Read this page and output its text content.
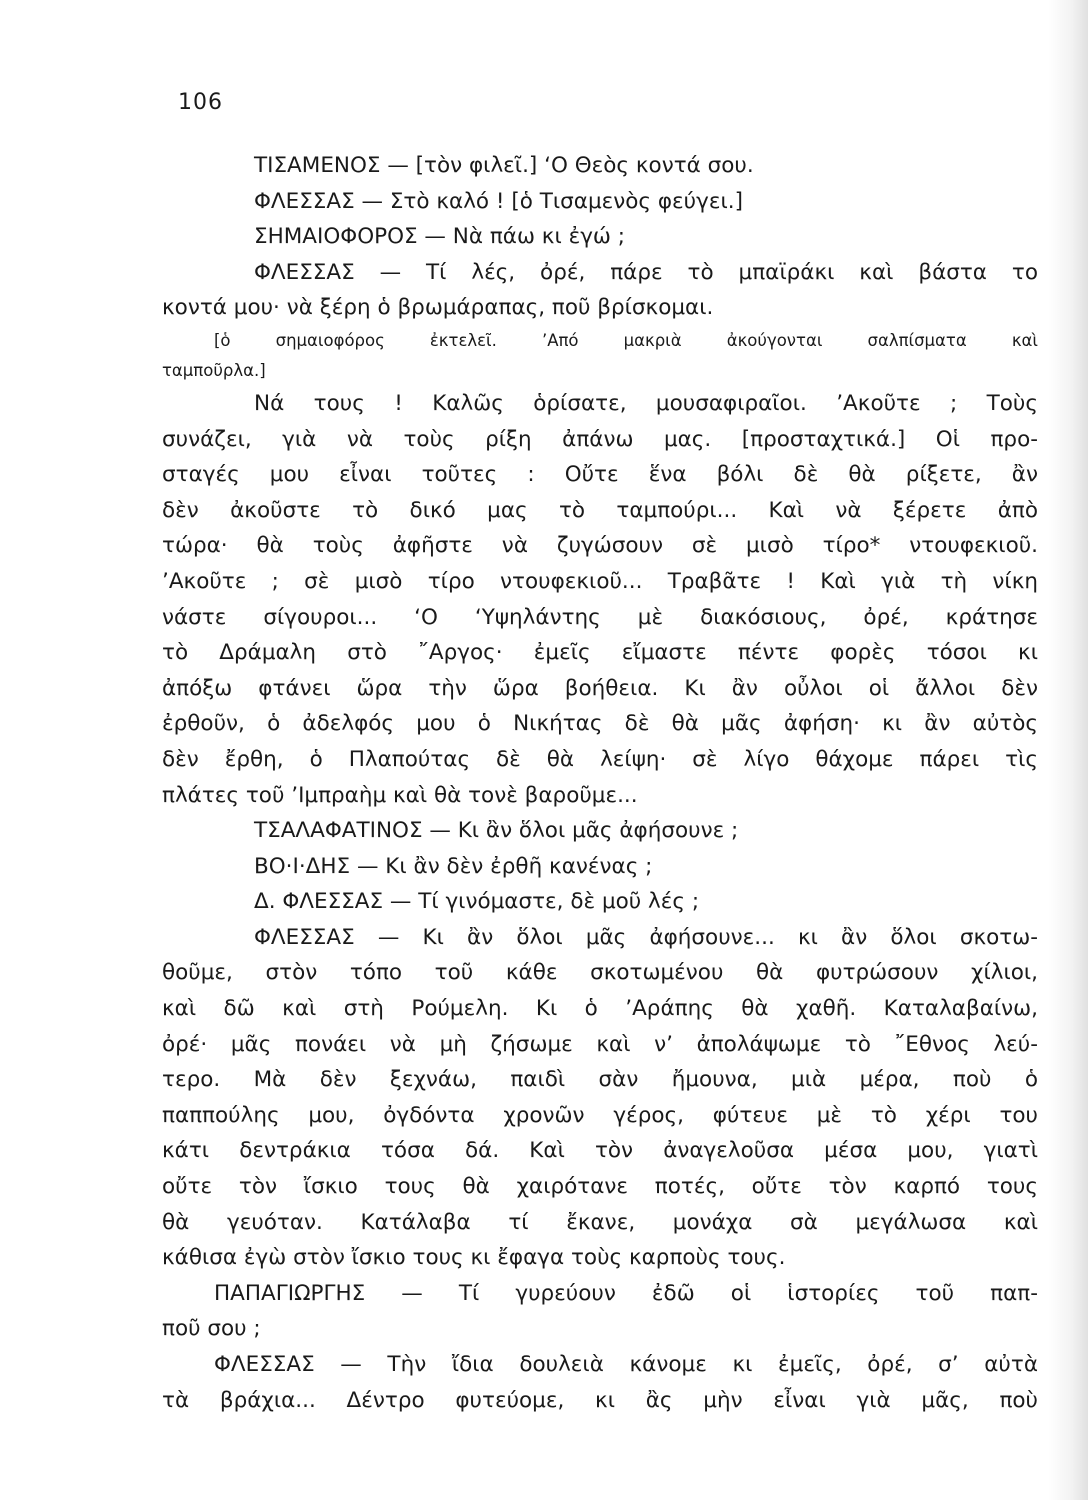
106
ΤΙΣΑΜΕΝΟΣ — [τὸν φιλεῖ.] ‘Ο Θεὸς κοντά σου.
ΦΛΕΣΣΑΣ — Στὸ καλό ! [ὁ Τισαμενὸς φεύγει.]
ΣΗΜΑΙΟΦΟΡΟΣ — Νὰ πάω κι ἐγώ ;
ΦΛΕΣΣΑΣ — Τί λές, ὀρέ, πάρε τὸ μπαϊράκι καὶ βάστα το
κοντά μου· νὰ ξέρη ὁ βρωμάραπας, ποῦ βρίσκομαι.
[ὁ σημαιοφόρος ἐκτελεῖ. ’Από μακριὰ ἀκούγονται σαλπίσματα καὶ
ταμποῦρλα.]
Νά τους ! Καλῶς ὁρίσατε, μουσαφιραῖοι. ’Ακοῦτε ; Τοὺς
συνάζει, γιὰ νὰ τοὺς ρίξη ἀπάνω μας. [προσταχτικά.] Οἱ προ-
σταγές μου εἶναι τοῦτες : Οὔτε ἕνα βόλι δὲ θὰ ρίξετε, ἂν
δὲν ἀκοῦστε τὸ δικό μας τὸ ταμπούρι... Καὶ νὰ ξέρετε ἀπὸ
τώρα· θὰ τοὺς ἀφῆστε νὰ ζυγώσουν σὲ μισὸ τίρο* ντουφεκιοῦ.
’Ακοῦτε ; σὲ μισὸ τίρο ντουφεκιοῦ... Τραβᾶτε ! Καὶ γιὰ τὴ νίκη
νάστε σίγουροι... ‘Ο ‘Υψηλάντης μὲ διακόσιους, ὀρέ, κράτησε
τὸ Δράμαλη στὸ ῎Αργος· ἐμεῖς εἴμαστε πέντε φορὲς τόσοι κι
ἀπόξω φτάνει ὥρα τὴν ὥρα βοήθεια. Κι ἂν οὖλοι οἱ ἄλλοι δὲν
ἐρθοῦν, ὁ ἀδελφός μου ὁ Νικήτας δὲ θὰ μᾶς ἀφήση· κι ἂν αὐτὸς
δὲν ἔρθη, ὁ Πλαπούτας δὲ θὰ λείψη· σὲ λίγο θάχομε πάρει τὶς
πλάτες τοῦ ’Ιμπραὴμ καὶ θὰ τονὲ βαροῦμε...
ΤΣΑΛΑΦΑΤΙΝΟΣ — Κι ἂν ὅλοι μᾶς ἀφήσουνε ;
ΒΟ·Ι·ΔΗΣ — Κι ἂν δὲν ἐρθῆ κανένας ;
Δ. ΦΛΕΣΣΑΣ — Τί γινόμαστε, δὲ μοῦ λές ;
ΦΛΕΣΣΑΣ — Κι ἂν ὅλοι μᾶς ἀφήσουνε... κι ἂν ὅλοι σκοτω-
θοῦμε, στὸν τόπο τοῦ κάθε σκοτωμένου θὰ φυτρώσουν χίλιοι,
καὶ δῶ καὶ στὴ Ρούμελη. Κι ὁ ’Αράπης θὰ χαθῆ. Καταλαβαίνω,
ὀρέ· μᾶς πονάει νὰ μὴ ζήσωμε καὶ ν’ ἀπολάψωμε τὸ ῎Εθνος λεύ-
τερο. Μὰ δὲν ξεχνάω, παιδὶ σὰν ἤμουνα, μιὰ μέρα, ποὺ ὁ
παππούλης μου, ὀγδόντα χρονῶν γέρος, φύτευε μὲ τὸ χέρι του
κάτι δεντράκια τόσα δά. Καὶ τὸν ἀναγελοῦσα μέσα μου, γιατὶ
οὔτε τὸν ἴσκιο τους θὰ χαιρότανε ποτές, οὔτε τὸν καρπό τους
θὰ γευόταν. Κατάλαβα τί ἔκανε, μονάχα σὰ μεγάλωσα καὶ
κάθισα ἐγὼ στὸν ἴσκιο τους κι ἔφαγα τοὺς καρποὺς τους.
ΠΑΠΑΓΙΩΡΓΗΣ — Τί γυρεύουν ἐδῶ οἱ ἱστορίες τοῦ παπ-
ποῦ σου ;
ΦΛΕΣΣΑΣ — Τὴν ἴδια δουλειὰ κάνομε κι ἐμεῖς, ὀρέ, σ’ αὐτὰ
τὰ βράχια... Δέντρο φυτεύομε, κι ἂς μὴν εἶναι γιὰ μᾶς, ποὺ
